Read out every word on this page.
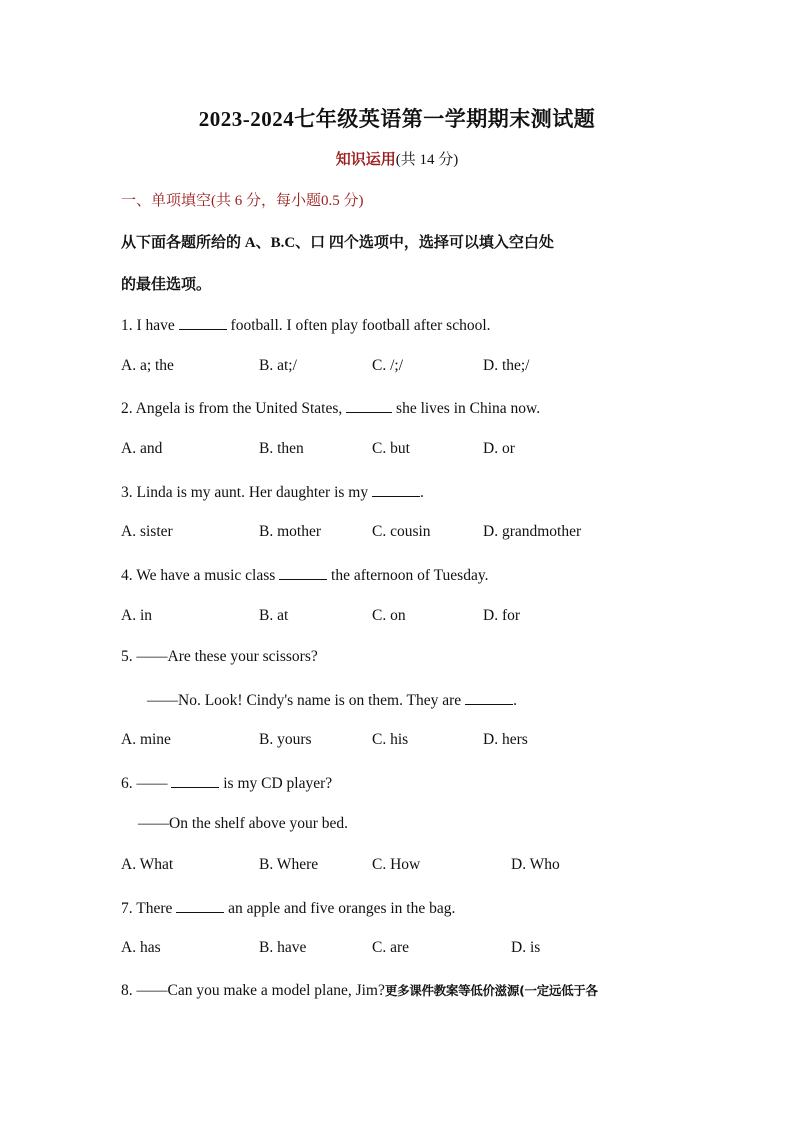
2023-2024七年级英语第一学期期末测试题
知识运用(共 14 分)
一、单项填空(共 6 分，每小题0.5 分)
从下面各题所给的 A、B.C、口 四个选项中，选择可以填入空白处
的最佳选项。
1. I have	football. I often play football after school.
A. a; the	B. at;/	C. /;/	D. the;/
2. Angela is from the United States,	she lives in China now.
A. and	B. then	C. but	D. or
3. Linda is my aunt. Her daughter is my	.
A. sister	B. mother	C. cousin	D. grandmother
4. We have a music class	the afternoon of Tuesday.
A. in	B. at	C. on	D. for
5. ——Are these your scissors?
——No. Look! Cindy's name is on them. They are	.
A. mine	B. yours	C. his	D. hers
6. ——	is my CD player?
——On the shelf above your bed.
A. What	B. Where	C. How	D. Who
7. There	an apple and five oranges in the bag.
A. has	B. have	C. are	D. is
8. ——Can you make a model plane, Jim?更多课件教案等低价滋源(一定远低于各
